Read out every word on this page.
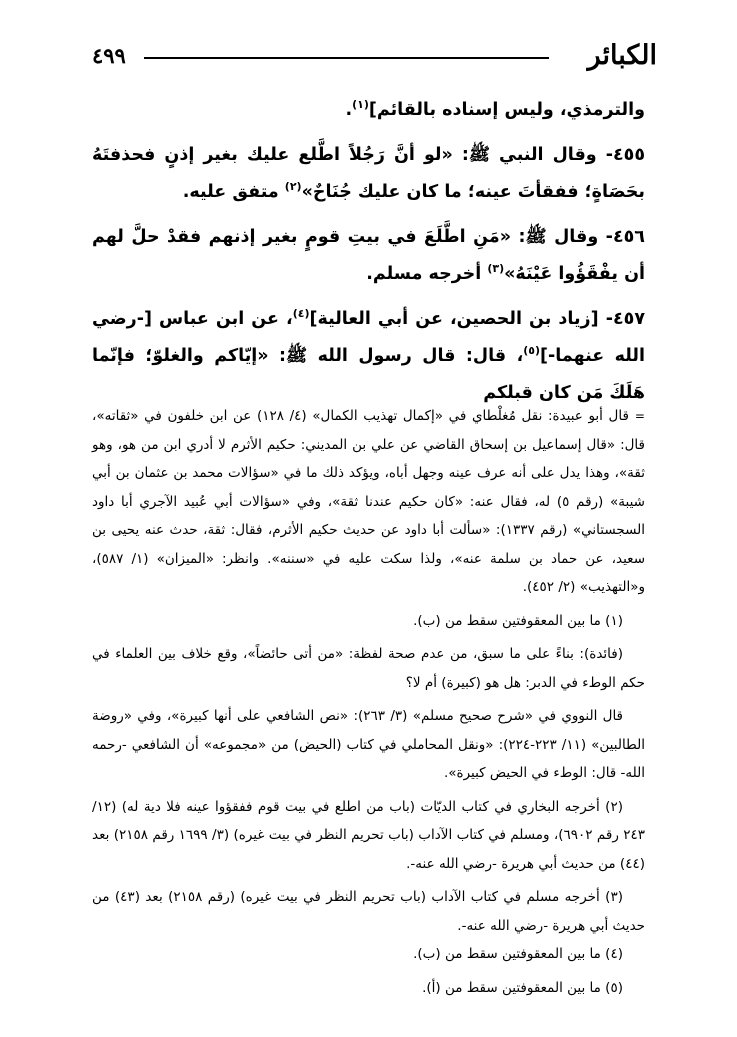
الكبائر
٤٩٩

والترمذي، وليس إسناده بالقائم]$^{(١)}$.

٤٥٥- وقال النبي ﷺ: «لو أنَّ رَجُلاً اطَّلع عليك بغير إذنٍ فحذفتَهُ بحَصَاةٍ؛ ففقأتَ عينه؛ ما كان عليك جُنَاحٌ»$^{(٢)}$ متفق عليه.

٤٥٦- وقال ﷺ: «مَنِ اطَّلَعَ في بيتِ قومٍ بغير إذنهم فقدْ حلَّ لهم أن يفْقَؤُوا عَيْنَهُ»$^{(٣)}$ أخرجه مسلم.

٤٥٧- [زياد بن الحصين، عن أبي العالية]$^{(٤)}$، عن ابن عباس [-رضي الله عنهما-]$^{(٥)}$، قال: قال رسول الله ﷺ: «إيّاكم والغلوّ؛ فإنّما هَلَكَ مَن كان قبلكم

=قال أبو عبيدة: نقل مُغلْطاي في «إكمال تهذيب الكمال» (٤/ ١٢٨) عن ابن خلفون في «ثقاته»، قال: «قال إسماعيل بن إسحاق القاضي عن علي بن المديني: حكيم الأثرم لا أدري ابن من هو، وهو ثقة»، وهذا يدل على أنه عرف عينه وجهل أباه، ويؤكد ذلك ما في «سؤالات محمد بن عثمان بن أبي شيبة» (رقم ٥) له، فقال عنه: «كان حكيم عندنا ثقة»، وفي «سؤالات أبي عُبيد الآجري أبا داود السجستاني» (رقم ١٣٣٧): «سألت أبا داود عن حديث حكيم الأثرم، فقال: ثقة، حدث عنه يحيى بن سعيد، عن حماد بن سلمة عنه»، ولذا سكت عليه في «سننه». وانظر: «الميزان» (١/ ٥٨٧)، و«التهذيب» (٢/ ٤٥٢).

(١) ما بين المعقوفتين سقط من (ب).

(فائدة): بناءً على ما سبق، من عدم صحة لفظة: «من أتى حائضاً»، وقع خلاف بين العلماء في حكم الوطء في الدبر: هل هو (كبيرة) أم لا؟

قال النووي في «شرح صحيح مسلم» (٣/ ٢٦٣): «نص الشافعي على أنها كبيرة»، وفي «روضة الطالبين» (١١/ ٢٢٣-٢٢٤): «ونقل المحاملي في كتاب (الحيض) من «مجموعه» أن الشافعي -رحمه الله- قال: الوطء في الحيض كبيرة».

(٢) أخرجه البخاري في كتاب الديّات (باب من اطلع في بيت قوم ففقؤوا عينه فلا دية له) (١٢/ ٢٤٣ رقم ٦٩٠٢)، ومسلم في كتاب الآداب (باب تحريم النظر في بيت غيره) (٣/ ١٦٩٩ رقم ٢١٥٨) بعد (٤٤) من حديث أبي هريرة -رضي الله عنه-.

(٣) أخرجه مسلم في كتاب الآداب (باب تحريم النظر في بيت غيره) (رقم ٢١٥٨) بعد (٤٣) من حديث أبي هريرة -رضي الله عنه-.

(٤) ما بين المعقوفتين سقط من (ب).

(٥) ما بين المعقوفتين سقط من (أ).
